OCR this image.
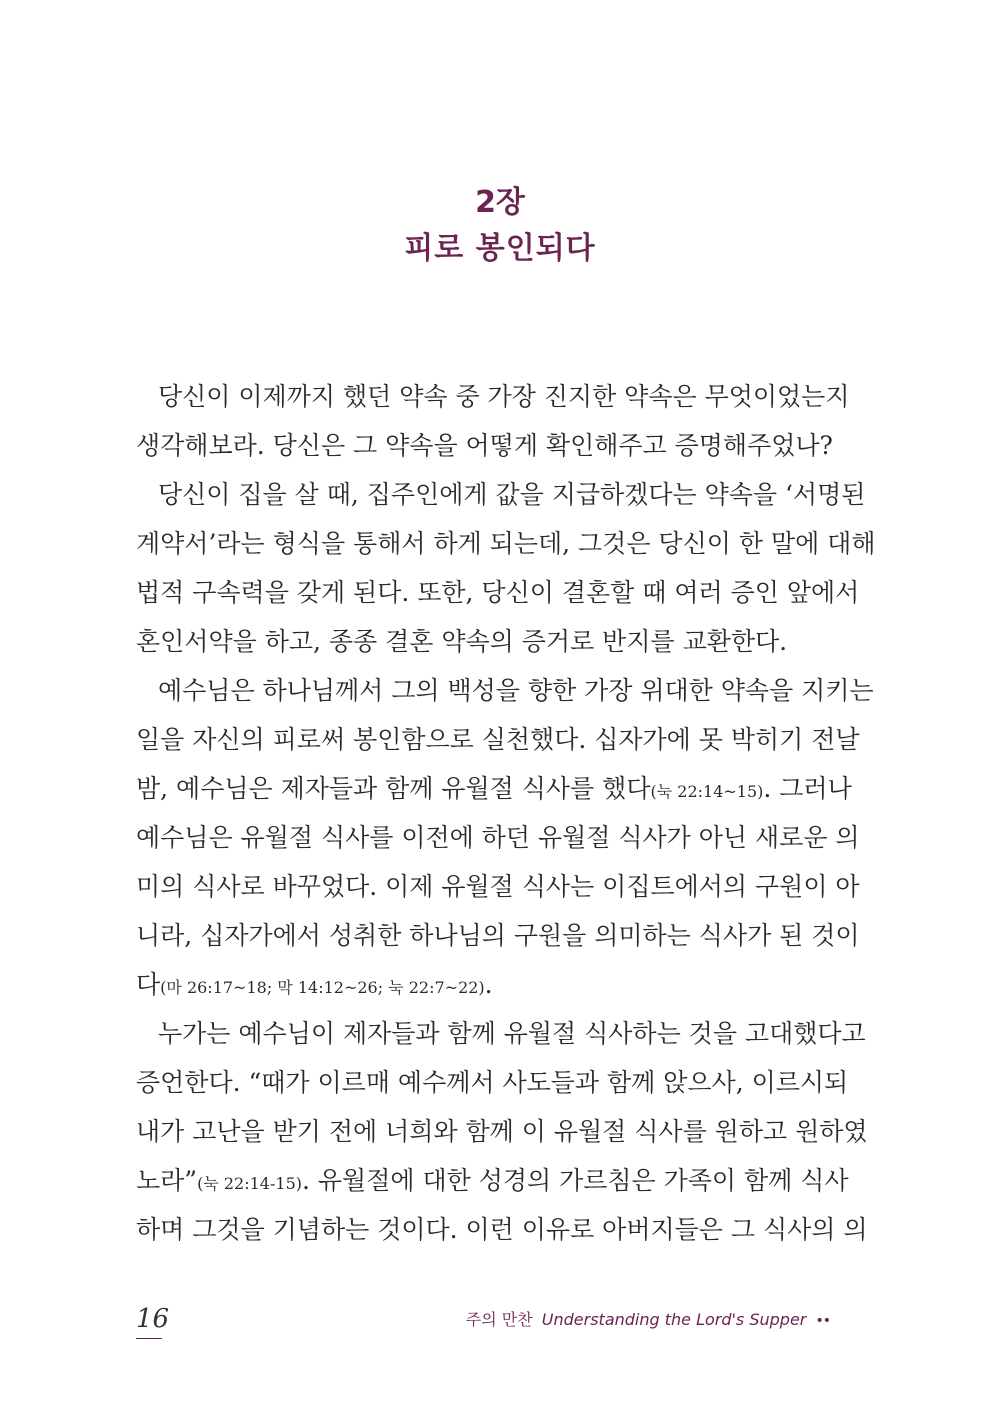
2장
피로 봉인되다
당신이 이제까지 했던 약속 중 가장 진지한 약속은 무엇이었는지
생각해보라. 당신은 그 약속을 어떻게 확인해주고 증명해주었나?
당신이 집을 살 때, 집주인에게 값을 지급하겠다는 약속을 ‘서명된
계약서’라는 형식을 통해서 하게 되는데, 그것은 당신이 한 말에 대해
법적 구속력을 갖게 된다. 또한, 당신이 결혼할 때 여러 증인 앞에서
혼인서약을 하고, 종종 결혼 약속의 증거로 반지를 교환한다.
예수님은 하나님께서 그의 백성을 향한 가장 위대한 약속을 지키는
일을 자신의 피로써 봉인함으로 실천했다. 십자가에 못 박히기 전날
밤, 예수님은 제자들과 함께 유월절 식사를 했다(눅 22:14~15). 그러나
예수님은 유월절 식사를 이전에 하던 유월절 식사가 아닌 새로운 의
미의 식사로 바꾸었다. 이제 유월절 식사는 이집트에서의 구원이 아
니라, 십자가에서 성취한 하나님의 구원을 의미하는 식사가 된 것이
다(마 26:17~18; 막 14:12~26; 눅 22:7~22).
누가는 예수님이 제자들과 함께 유월절 식사하는 것을 고대했다고
증언한다. “때가 이르매 예수께서 사도들과 함께 앉으사, 이르시되
내가 고난을 받기 전에 너희와 함께 이 유월절 식사를 원하고 원하였
노라”(눅 22:14-15). 유월절에 대한 성경의 가르침은 가족이 함께 식사
하며 그것을 기념하는 것이다. 이런 이유로 아버지들은 그 식사의 의
16	주의 만찬 Understanding the Lord's Supper ••
